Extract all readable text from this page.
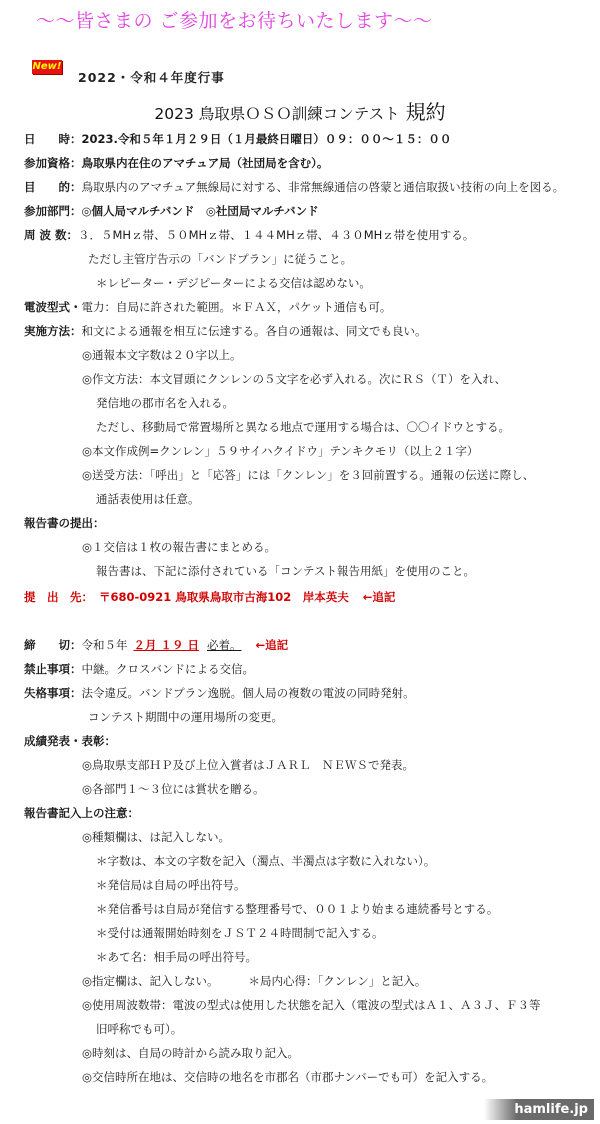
～～皆さまの ご参加をお待ちいたします～～
New!
2022・令和４年度行事
2023 鳥取県ＯＳＯ訓練コンテスト 規約
日　　時：2023.令和５年１月２９日（１月最終日曜日）０９：００～１５：００
参加資格：鳥取県内在住のアマチュア局（社団局を含む）。
目　　的：鳥取県内のアマチュア無線局に対する、非常無線通信の啓蒙と通信取扱い技術の向上を図る。
参加部門：◎個人局マルチバンド　◎社団局マルチバンド
周 波 数：３．５MHｚ帯、５０MHｚ帯、１４４MHｚ帯、４３０MHｚ帯を使用する。
ただし主管庁告示の「バンドプラン」に従うこと。
＊レピーター・デジピーターによる交信は認めない。
電波型式・電力：自局に許された範囲。＊ＦＡＸ，パケット通信も可。
実施方法：和文による通報を相互に伝達する。各自の通報は、同文でも良い。
◎通報本文字数は２０字以上。
◎作文方法：本文冒頭にクンレンの５文字を必ず入れる。次にＲＳ（Ｔ）を入れ、
発信地の郡市名を入れる。
ただし、移動局で常置場所と異なる地点で運用する場合は、〇〇イドウとする。
◎本文作成例=クンレン」５９サイハクイドウ」テンキクモリ（以上２１字）
◎送受方法：「呼出」と「応答」には「クンレン」を３回前置する。通報の伝送に際し、
通話表使用は任意。
報告書の提出：
◎１交信は１枚の報告書にまとめる。
報告書は、下記に添付されている「コンテスト報告用紙」を使用のこと。
提　出　先： 〒680-0921 鳥取県鳥取市古海102　岸本英夫 ←追記
締　　切：令和５年 ２月 １９ 日 必着。 ←追記
禁止事項：中継。クロスバンドによる交信。
失格事項：法令違反。バンドプラン逸脱。個人局の複数の電波の同時発射。
コンテスト期間中の運用場所の変更。
成績発表・表彰：
◎鳥取県支部ＨＰ及び上位入賞者はＪＡＲＬ　ＮＥＷＳで発表。
◎各部門１～３位には賞状を贈る。
報告書記入上の注意：
◎種類欄は、は記入しない。
＊字数は、本文の字数を記入（濁点、半濁点は字数に入れない）。
＊発信局は自局の呼出符号。
＊発信番号は自局が発信する整理番号で、００１より始まる連続番号とする。
＊受付は通報開始時刻をＪＳＴ２４時間制で記入する。
＊あて名：相手局の呼出符号。
◎指定欄は、記入しない。	＊局内心得：「クンレン」と記入。
◎使用周波数帯：電波の型式は使用した状態を記入（電波の型式はＡ１、Ａ３Ｊ、Ｆ３等
旧呼称でも可）。
◎時刻は、自局の時計から読み取り記入。
◎交信時所在地は、交信時の地名を市郡名（市郡ナンバーでも可）を記入する。
hamlife.jp
